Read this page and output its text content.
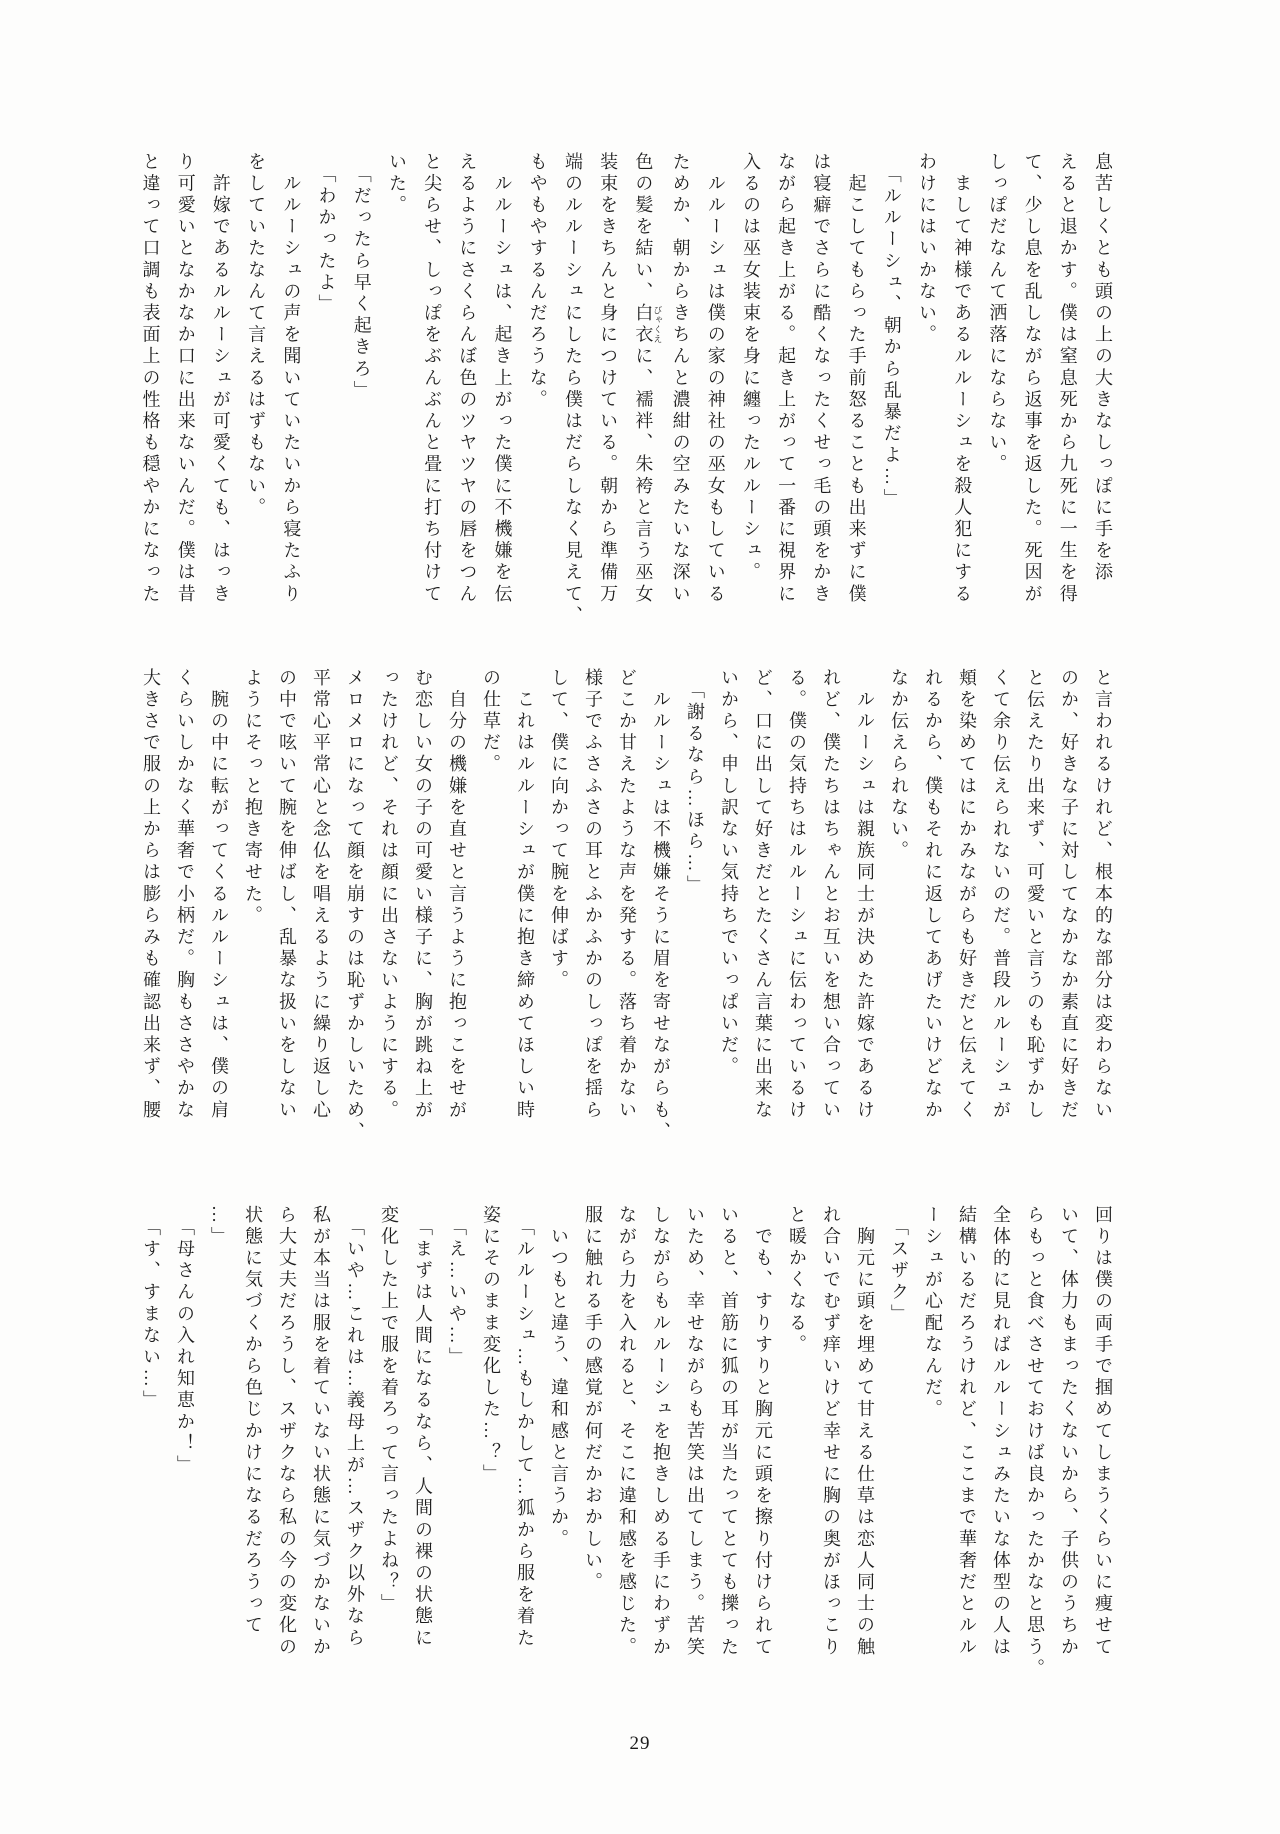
息苦しくとも頭の上の大きなしっぽに手を添

えると退かす。僕は窒息死から九死に一生を得

て、少し息を乱しながら返事を返した。死因が

しっぽだなんて洒落にならない。

　まして神様であるルルーシュを殺人犯にする

わけにはいかない。

　「ルルーシュ、朝から乱暴だよ…」

　起こしてもらった手前怒ることも出来ずに僕

は寝癖でさらに酷くなったくせっ毛の頭をかき

ながら起き上がる。起き上がって一番に視界に

入るのは巫女装束を身に纏ったルルーシュ。

　ルルーシュは僕の家の神社の巫女もしている

ためか、朝からきちんと濃紺の空みたいな深い

色の髪を結い、白衣 びゃくえに、襦袢、朱袴と言う巫女

装束をきちんと身につけている。朝から準備万

端のルルーシュにしたら僕はだらしなく見えて、

もやもやするんだろうな。

　ルルーシュは、起き上がった僕に不機嫌を伝

えるようにさくらんぼ色のツヤツヤの唇をつん

と尖らせ、しっぽをぶんぶんと畳に打ち付けて

いた。

　「だったら早く起きろ」

　「わかったよ」

　ルルーシュの声を聞いていたいから寝たふり

をしていたなんて言えるはずもない。

　許嫁であるルルーシュが可愛くても、はっき

り可愛いとなかなか口に出来ないんだ。僕は昔

と違って口調も表面上の性格も穏やかになった

と言われるけれど、根本的な部分は変わらない

のか、好きな子に対してなかなか素直に好きだ

と伝えたり出来ず、可愛いと言うのも恥ずかし

くて余り伝えられないのだ。普段ルルーシュが

頬を染めてはにかみながらも好きだと伝えてく

れるから、僕もそれに返してあげたいけどなか

なか伝えられない。

　ルルーシュは親族同士が決めた許嫁であるけ

れど、僕たちはちゃんとお互いを想い合ってい

る。僕の気持ちはルルーシュに伝わっているけ

ど、口に出して好きだとたくさん言葉に出来な

いから、申し訳ない気持ちでいっぱいだ。

　「謝るなら…ほら…」

　ルルーシュは不機嫌そうに眉を寄せながらも、

どこか甘えたような声を発する。落ち着かない

様子でふさふさの耳とふかふかのしっぽを揺ら

して、僕に向かって腕を伸ばす。

　これはルルーシュが僕に抱き締めてほしい時

の仕草だ。

　自分の機嫌を直せと言うように抱っこをせが

む恋しい女の子の可愛い様子に、胸が跳ね上が

ったけれど、それは顔に出さないようにする。

メロメロになって顔を崩すのは恥ずかしいため、

平常心平常心と念仏を唱えるように繰り返し心

の中で呟いて腕を伸ばし、乱暴な扱いをしない

ようにそっと抱き寄せた。

　腕の中に転がってくるルルーシュは、僕の肩

くらいしかなく華奢で小柄だ。胸もささやかな

大きさで服の上からは膨らみも確認出来ず、腰

回りは僕の両手で掴めてしまうくらいに痩せて

いて、体力もまったくないから、子供のうちか

らもっと食べさせておけば良かったかなと思う。

全体的に見ればルルーシュみたいな体型の人は

結構いるだろうけれど、ここまで華奢だとルル

ーシュが心配なんだ。

　「スザク」

　胸元に頭を埋めて甘える仕草は恋人同士の触

れ合いでむず痒いけど幸せに胸の奥がほっこり

と暖かくなる。

　でも、すりすりと胸元に頭を擦り付けられて

いると、首筋に狐の耳が当たってとても擽った

いため、幸せながらも苦笑は出てしまう。苦笑

しながらもルルーシュを抱きしめる手にわずか

ながら力を入れると、そこに違和感を感じた。

服に触れる手の感覚が何だかおかしい。

　いつもと違う、違和感と言うか。

　「ルルーシュ…もしかして…狐から服を着た

姿にそのまま変化した…？」

　「え…いや…」

　「まずは人間になるなら、人間の裸の状態に

変化した上で服を着ろって言ったよね？」

　「いや…これは…義母上が…スザク以外なら

私が本当は服を着ていない状態に気づかないか

ら大丈夫だろうし、スザクなら私の今の変化の

状態に気づくから色じかけになるだろうって

…」

　「母さんの入れ知恵か！」

　「す、すまない…」

29
